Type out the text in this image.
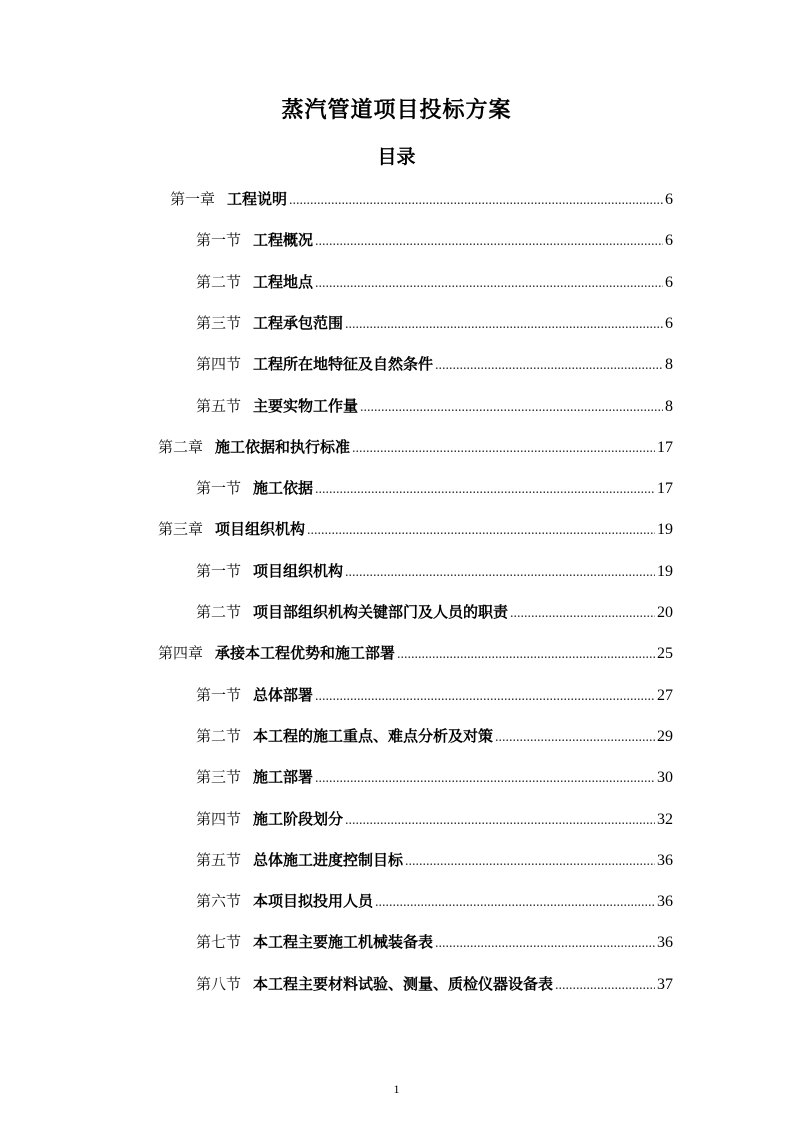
蒸汽管道项目投标方案
目录
第一章 工程说明 .....	6
第一节 工程概况 .....	6
第二节 工程地点 .....	6
第三节 工程承包范围 .....	6
第四节 工程所在地特征及自然条件 .....	8
第五节 主要实物工作量 .....	8
第二章 施工依据和执行标准 .....	17
第一节 施工依据 .....	17
第三章 项目组织机构 .....	19
第一节 项目组织机构 .....	19
第二节 项目部组织机构关键部门及人员的职责 .....	20
第四章 承接本工程优势和施工部署 .....	25
第一节 总体部署 .....	27
第二节 本工程的施工重点、难点分析及对策 .....	29
第三节 施工部署 .....	30
第四节 施工阶段划分 .....	32
第五节 总体施工进度控制目标 .....	36
第六节 本项目拟投用人员 .....	36
第七节 本工程主要施工机械装备表 .....	36
第八节 本工程主要材料试验、测量、质检仪器设备表 .....	37
1
